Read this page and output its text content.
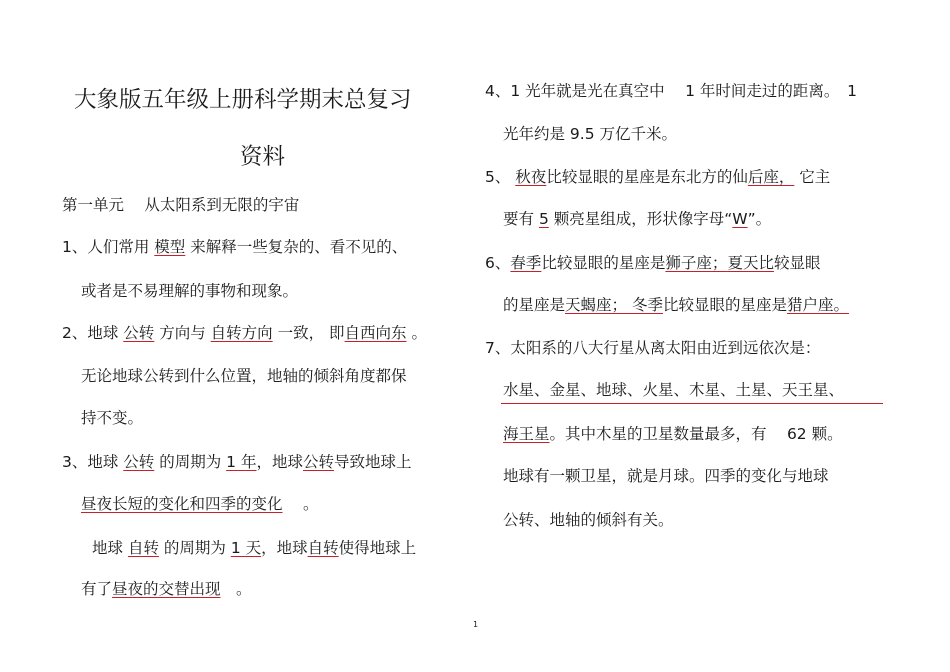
大象版五年级上册科学期末总复习
资料
第一单元　 从太阳系到无限的宇宙
1、人们常用 模型 来解释一些复杂的、看不见的、
或者是不易理解的事物和现象。
2、地球 公转 方向与 自转方向 一致， 即自西向东 。
无论地球公转到什么位置，地轴的倾斜角度都保
持不变。
3、地球 公转 的周期为 1 年，地球公转导致地球上
昼夜长短的变化和四季的变化　 。
地球 自转 的周期为 1 天，地球自转使得地球上
有了昼夜的交替出现　。
4、1 光年就是光在真空中 　1 年时间走过的距离。　1
光年约是 9.5 万亿千米。
5、 秋夜比较显眼的星座是东北方的仙后座， 它主
要有 5 颗亮星组成，形状像字母“W”。
6、春季比较显眼的星座是狮子座；夏天比较显眼
的星座是天蝎座； 冬季比较显眼的星座是猎户座。
7、太阳系的八大行星从离太阳由近到远依次是：
水星、金星、地球、火星、木星、土星、天王星、
海王星。其中木星的卫星数量最多，有 　62 颗。
地球有一颗卫星，就是月球。四季的变化与地球
公转、地轴的倾斜有关。
1
